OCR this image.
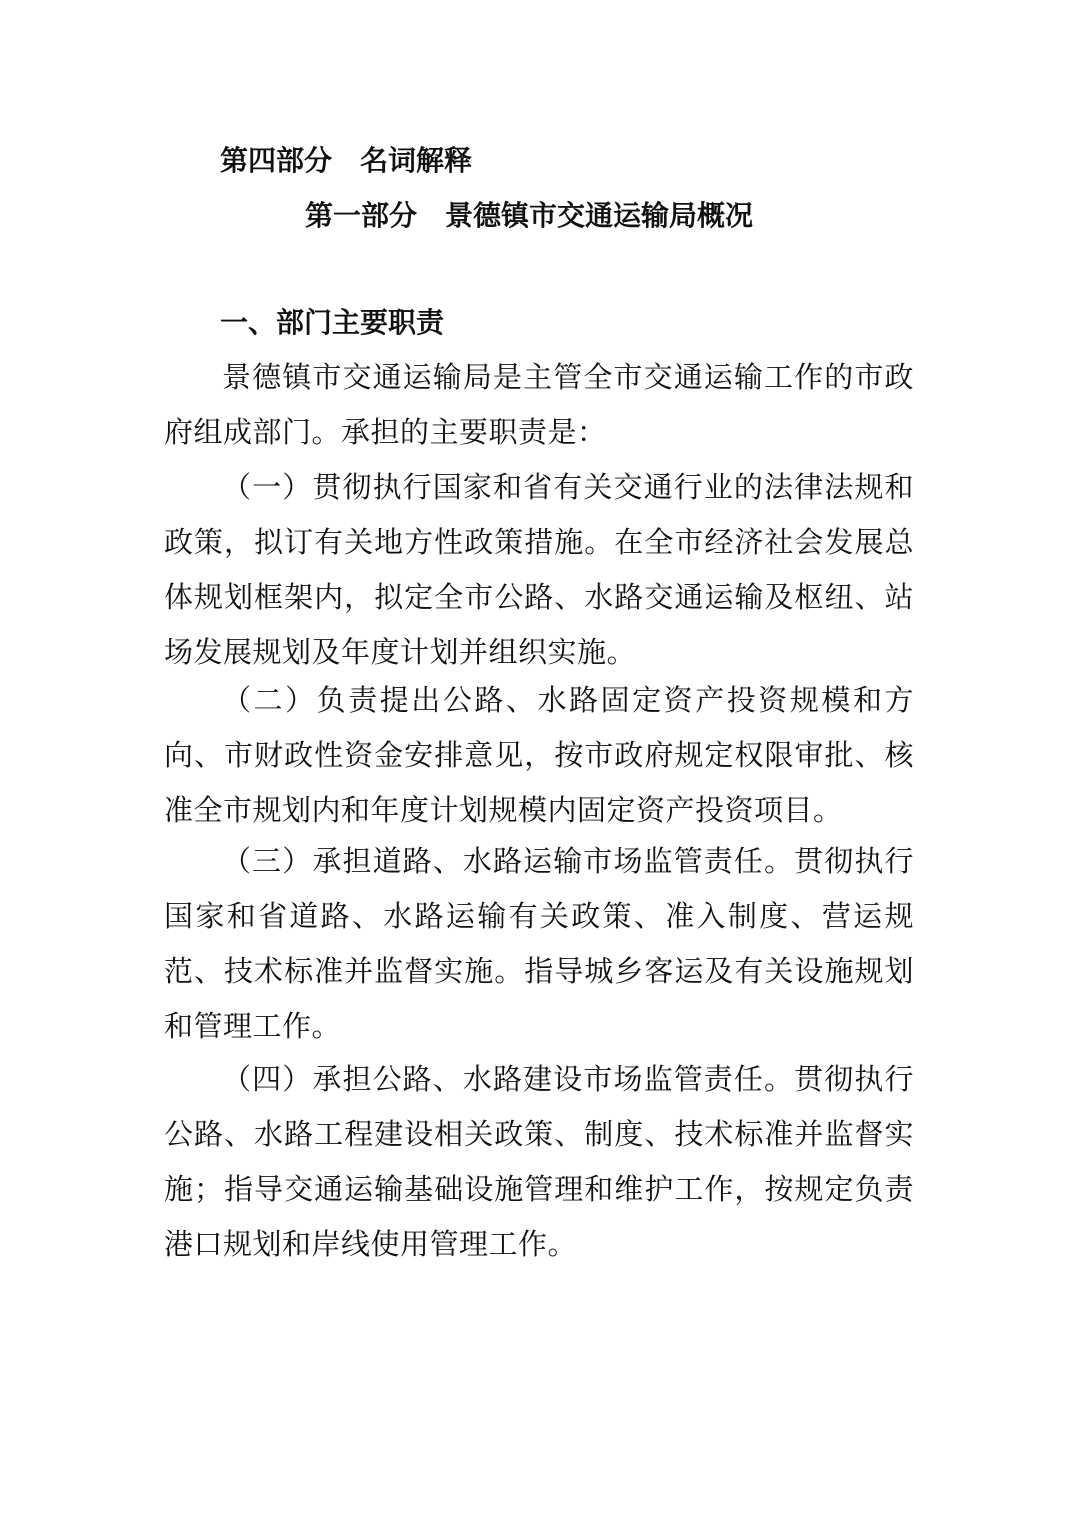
第四部分 名词解释
第一部分 景德镇市交通运输局概况
一、部门主要职责

景德镇市交通运输局是主管全市交通运输工作的市政府组成部门。承担的主要职责是：

（一）贯彻执行国家和省有关交通行业的法律法规和政策，拟订有关地方性政策措施。在全市经济社会发展总体规划框架内，拟定全市公路、水路交通运输及枢纽、站场发展规划及年度计划并组织实施。

（二）负责提出公路、水路固定资产投资规模和方向、市财政性资金安排意见，按市政府规定权限审批、核准全市规划内和年度计划规模内固定资产投资项目。

（三）承担道路、水路运输市场监管责任。贯彻执行国家和省道路、水路运输有关政策、准入制度、营运规范、技术标准并监督实施。指导城乡客运及有关设施规划和管理工作。

（四）承担公路、水路建设市场监管责任。贯彻执行公路、水路工程建设相关政策、制度、技术标准并监督实施；指导交通运输基础设施管理和维护工作，按规定负责港口规划和岸线使用管理工作。
